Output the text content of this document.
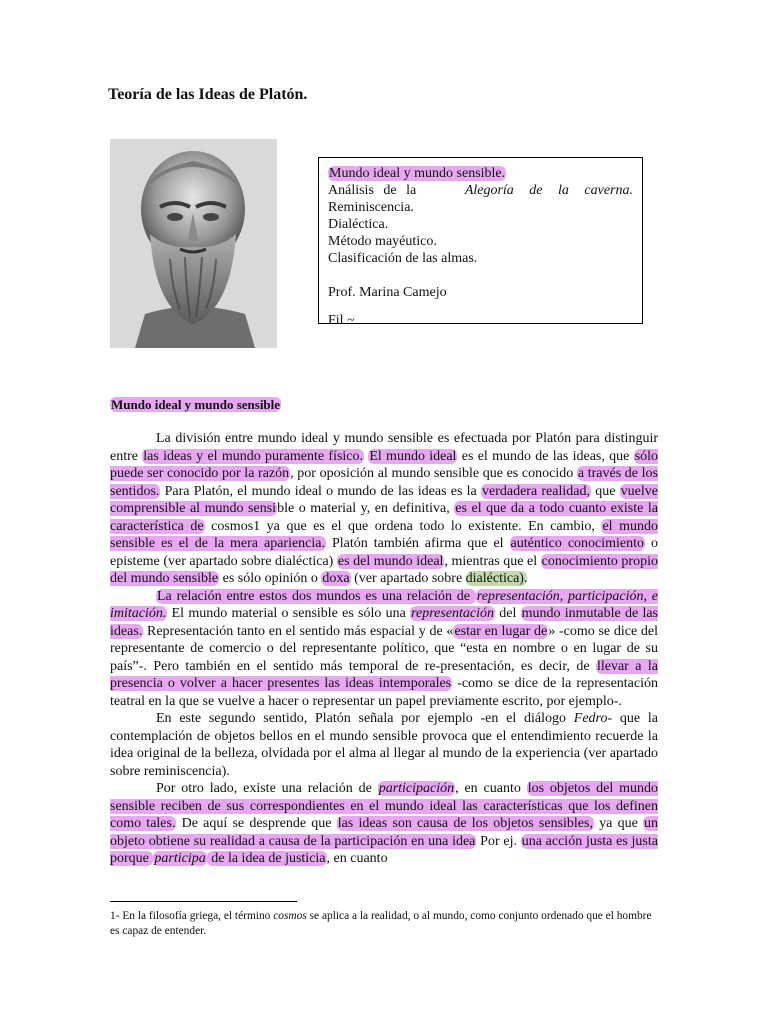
Teoría de las Ideas de Platón.
Mundo ideal y mundo sensible.
Análisis de la	Alegoría de la caverna.
Reminiscencia.
Dialéctica.
Método mayéutico.
Clasificación de las almas.
Prof. Marina Camejo
Fil ~
Mundo ideal y mundo sensible

La división entre mundo ideal y mundo sensible es efectuada por Platón para distinguir entre las ideas y el mundo puramente físico. El mundo ideal es el mundo de las ideas, que sólo puede ser conocido por la razón, por oposición al mundo sensible que es conocido a través de los sentidos. Para Platón, el mundo ideal o mundo de las ideas es la verdadera realidad, que vuelve comprensible al mundo sensible o material y, en definitiva, es el que da a todo cuanto existe la característica de cosmos1 ya que es el que ordena todo lo existente. En cambio, el mundo sensible es el de la mera apariencia. Platón también afirma que el auténtico conocimiento o episteme (ver apartado sobre dialéctica) es del mundo ideal, mientras que el conocimiento propio del mundo sensible es sólo opinión o doxa (ver apartado sobre dialéctica).

La relación entre estos dos mundos es una relación de representación, participación, e imitación. El mundo material o sensible es sólo una representación del mundo inmutable de las ideas. Representación tanto en el sentido más espacial y de «estar en lugar de» -como se dice del representante de comercio o del representante político, que “esta en nombre o en lugar de su país”-. Pero también en el sentido más temporal de re-presentación, es decir, de llevar a la presencia o volver a hacer presentes las ideas intemporales -como se dice de la representación teatral en la que se vuelve a hacer o representar un papel previamente escrito, por ejemplo-.

En este segundo sentido, Platón señala por ejemplo -en el diálogo Fedro- que la contemplación de objetos bellos en el mundo sensible provoca que el entendimiento recuerde la idea original de la belleza, olvidada por el alma al llegar al mundo de la experiencia (ver apartado sobre reminiscencia).

Por otro lado, existe una relación de participación, en cuanto los objetos del mundo sensible reciben de sus correspondientes en el mundo ideal las características que los definen como tales. De aquí se desprende que las ideas son causa de los objetos sensibles, ya que un objeto obtiene su realidad a causa de la participación en una idea Por ej. una acción justa es justa porque participa de la idea de justicia, en cuanto

1- En la filosofía griega, el término cosmos se aplica a la realidad, o al mundo, como conjunto ordenado que el hombre es capaz de entender.
